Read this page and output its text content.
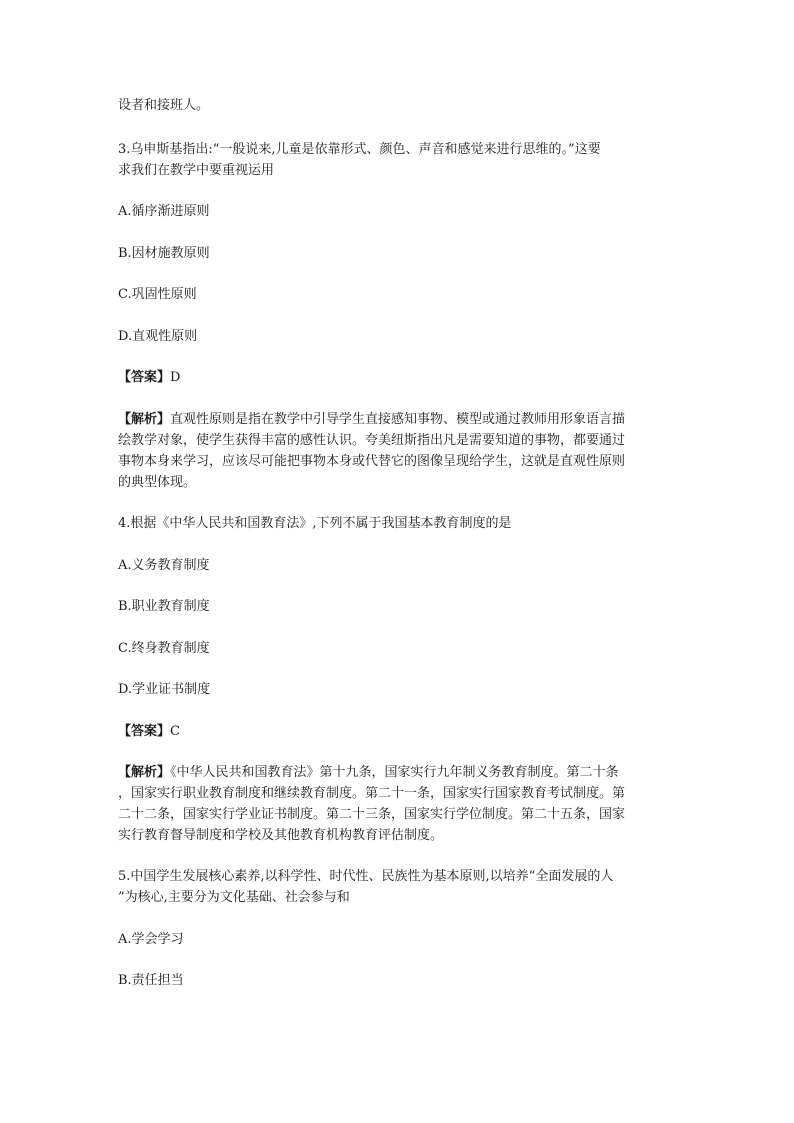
设者和接班人。
3.乌申斯基指出:“一般说来,儿童是依靠形式、颜色、声音和感觉来进行思维的。”这要
求我们在教学中要重视运用
A.循序渐进原则
B.因材施教原则
C.巩固性原则
D.直观性原则
【答案】D
【解析】直观性原则是指在教学中引导学生直接感知事物、模型或通过教师用形象语言描
绘教学对象，使学生获得丰富的感性认识。夸美纽斯指出凡是需要知道的事物，都要通过
事物本身来学习，应该尽可能把事物本身或代替它的图像呈现给学生，这就是直观性原则
的典型体现。
4.根据《中华人民共和国教育法》,下列不属于我国基本教育制度的是
A.义务教育制度
B.职业教育制度
C.终身教育制度
D.学业证书制度
【答案】C
【解析】《中华人民共和国教育法》第十九条，国家实行九年制义务教育制度。第二十条
，国家实行职业教育制度和继续教育制度。第二十一条，国家实行国家教育考试制度。第
二十二条，国家实行学业证书制度。第二十三条，国家实行学位制度。第二十五条，国家
实行教育督导制度和学校及其他教育机构教育评估制度。
5.中国学生发展核心素养,以科学性、时代性、民族性为基本原则,以培养“全面发展的人
”为核心,主要分为文化基础、社会参与和
A.学会学习
B.责任担当
